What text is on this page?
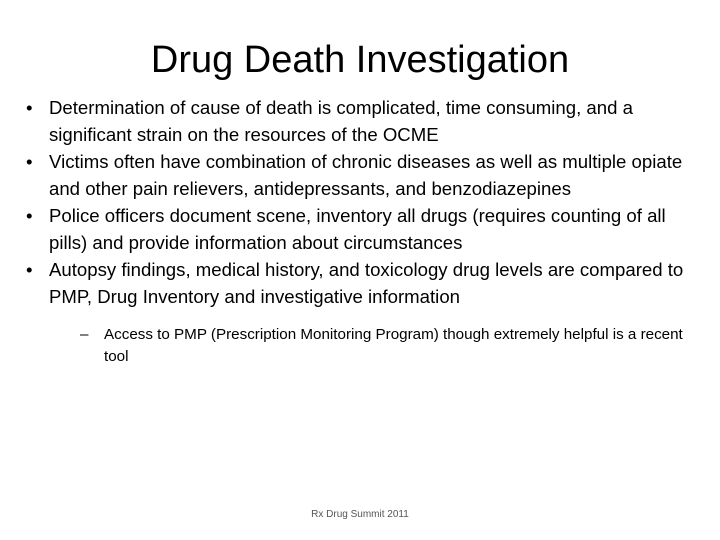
Drug Death Investigation
• Determination of cause of death is complicated, time consuming, and a significant strain on the resources of the OCME
• Victims often have combination of chronic diseases as well as multiple opiate and other pain relievers, antidepressants, and benzodiazepines
• Police officers document scene, inventory all drugs (requires counting of all pills) and provide information about circumstances
• Autopsy findings, medical history, and toxicology drug levels are compared to PMP, Drug Inventory and investigative information
–	Access to PMP (Prescription Monitoring Program) though extremely helpful is a recent tool
Rx Drug Summit 2011
